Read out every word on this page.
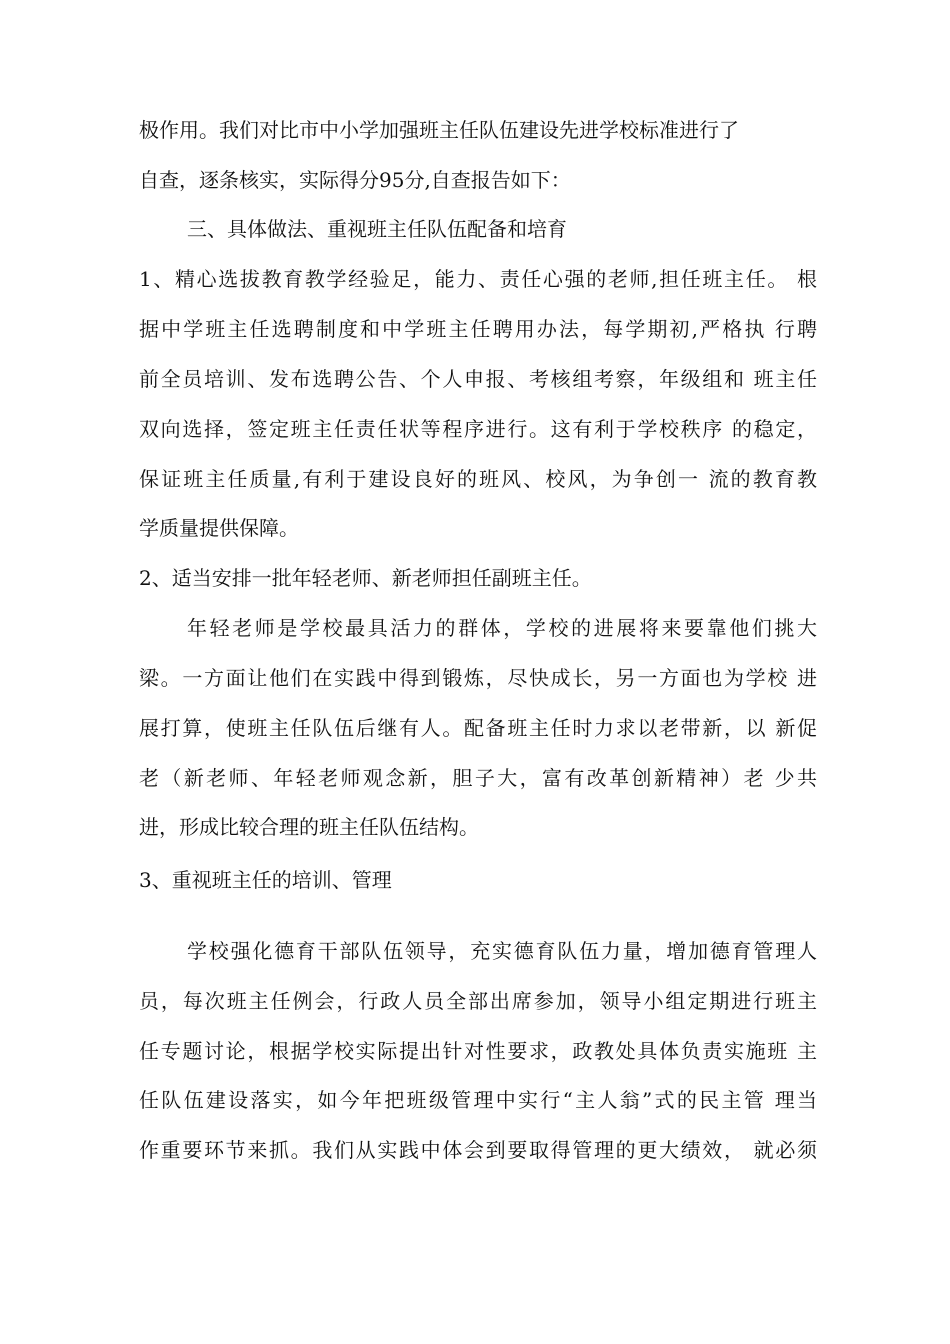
极作用。我们对比市中小学加强班主任队伍建设先进学校标准进行了

自查，逐条核实，实际得分95分,自查报告如下：

三、具体做法、重视班主任队伍配备和培育

1、精心选拔教育教学经验足，能力、责任心强的老师,担任班主任。 根

据中学班主任选聘制度和中学班主任聘用办法，每学期初,严格执 行聘

前全员培训、发布选聘公告、个人申报、考核组考察，年级组和 班主任

双向选择，签定班主任责任状等程序进行。这有利于学校秩序 的稳定，

保证班主任质量,有利于建设良好的班风、校风，为争创一 流的教育教

学质量提供保障。

2、适当安排一批年轻老师、新老师担任副班主任。

年轻老师是学校最具活力的群体，学校的进展将来要靠他们挑大

梁。一方面让他们在实践中得到锻炼，尽快成长，另一方面也为学校 进

展打算，使班主任队伍后继有人。配备班主任时力求以老带新，以 新促

老（新老师、年轻老师观念新，胆子大，富有改革创新精神）老 少共

进，形成比较合理的班主任队伍结构。

3、重视班主任的培训、管理

学校强化德育干部队伍领导，充实德育队伍力量，增加德育管理人

员，每次班主任例会，行政人员全部出席参加，领导小组定期进行班主

任专题讨论，根据学校实际提出针对性要求，政教处具体负责实施班 主

任队伍建设落实，如今年把班级管理中实行“主人翁”式的民主管 理当

作重要环节来抓。我们从实践中体会到要取得管理的更大绩效， 就必须
